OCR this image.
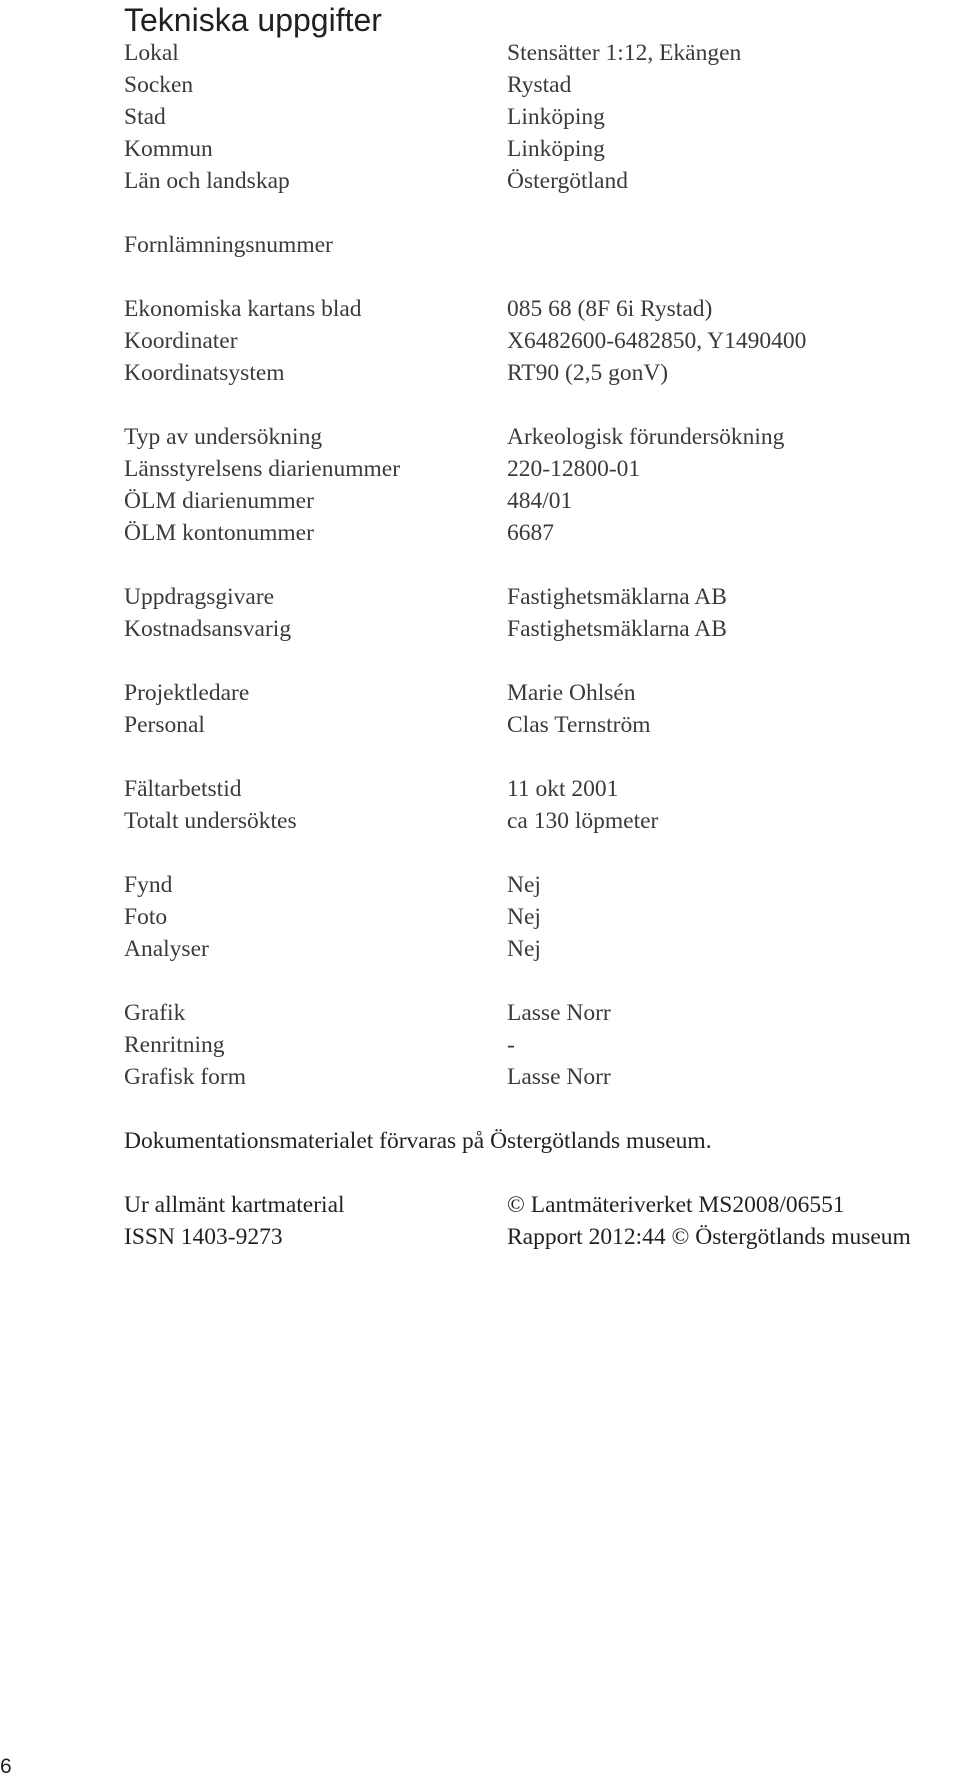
Tekniska uppgifter
Lokal	Stensätter 1:12, Ekängen
Socken	Rystad
Stad	Linköping
Kommun	Linköping
Län och landskap	Östergötland
Fornlämningsnummer
Ekonomiska kartans blad	085 68 (8F 6i Rystad)
Koordinater	X6482600-6482850, Y1490400
Koordinatsystem	RT90 (2,5 gonV)
Typ av undersökning	Arkeologisk förundersökning
Länsstyrelsens diarienummer	220-12800-01
ÖLM diarienummer	484/01
ÖLM kontonummer	6687
Uppdragsgivare	Fastighetsmäklarna AB
Kostnadsansvarig	Fastighetsmäklarna AB
Projektledare	Marie Ohlsén
Personal	Clas Ternström
Fältarbetstid	11 okt 2001
Totalt undersöktes	ca 130 löpmeter
Fynd	Nej
Foto	Nej
Analyser	Nej
Grafik	Lasse Norr
Renritning	-
Grafisk form	Lasse Norr
Dokumentationsmaterialet förvaras på Östergötlands museum.
Ur allmänt kartmaterial	© Lantmäteriverket MS2008/06551
ISSN 1403-9273	Rapport 2012:44 © Östergötlands museum
6
